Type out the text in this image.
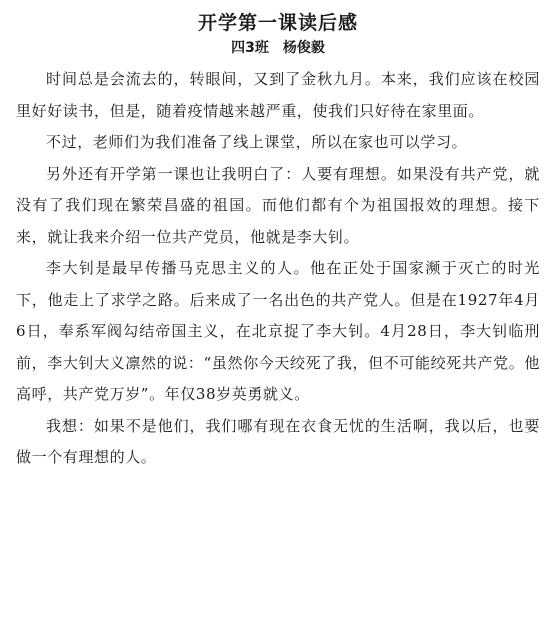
开学第一课读后感
四3班　杨俊毅

时间总是会流去的，转眼间，又到了金秋九月。本来，我们应该在校园里好好读书，但是，随着疫情越来越严重，使我们只好待在家里面。

不过，老师们为我们准备了线上课堂，所以在家也可以学习。

另外还有开学第一课也让我明白了：人要有理想。如果没有共产党，就没有了我们现在繁荣昌盛的祖国。而他们都有个为祖国报效的理想。接下来，就让我来介绍一位共产党员，他就是李大钊。

李大钊是最早传播马克思主义的人。他在正处于国家濒于灭亡的时光下，他走上了求学之路。后来成了一名出色的共产党人。但是在1927年4月6日，奉系军阀勾结帝国主义，在北京捉了李大钊。4月28日，李大钊临刑前，李大钊大义凛然的说：“虽然你今天绞死了我，但不可能绞死共产党。他高呼，共产党万岁”。年仅38岁英勇就义。

我想：如果不是他们，我们哪有现在衣食无忧的生活啊，我以后，也要做一个有理想的人。
